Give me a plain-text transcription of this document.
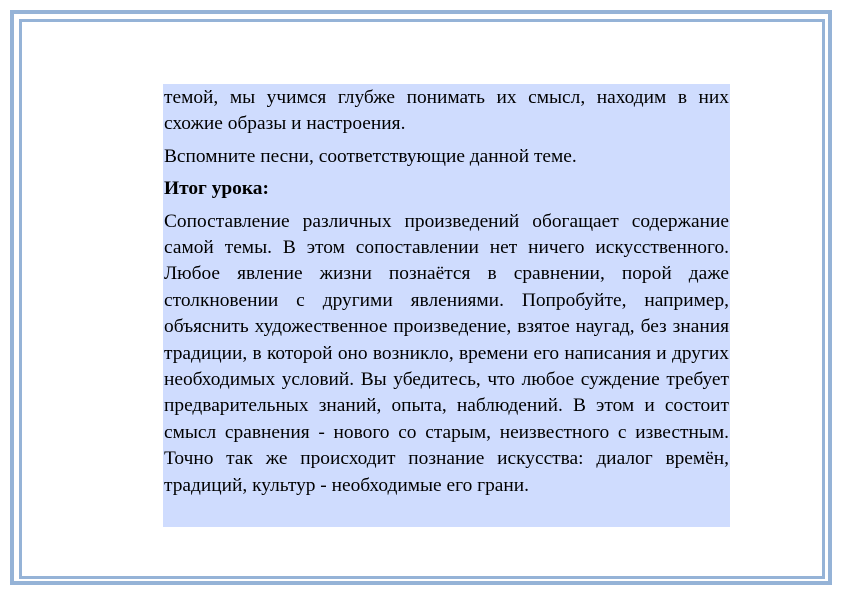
темой, мы учимся глубже понимать их смысл, находим в них схожие образы и настроения.

Вспомните песни, соответствующие данной теме.

Итог урока:

Сопоставление различных произведений обогащает содержание самой темы. В этом сопоставлении нет ничего искусственного. Любое явление жизни познаётся в сравнении, порой даже столкновении с другими явлениями. Попробуйте, например, объяснить художественное произведение, взятое наугад, без знания традиции, в которой оно возникло, времени его написания и других необходимых условий. Вы убедитесь, что любое суждение требует предварительных знаний, опыта, наблюдений. В этом и состоит смысл сравнения - нового со старым, неизвестного с известным. Точно так же происходит познание искусства: диалог времён, традиций, культур - необходимые его грани.
